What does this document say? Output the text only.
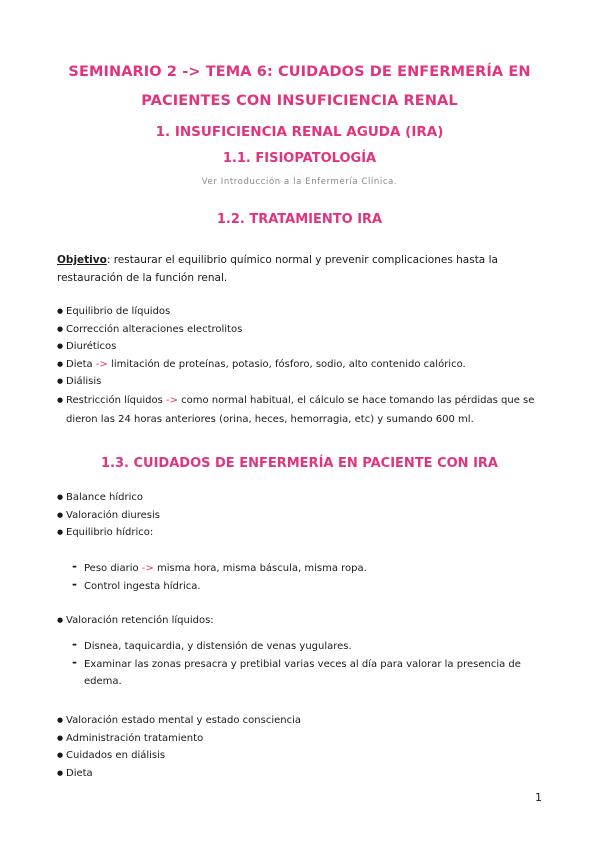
SEMINARIO 2 -> TEMA 6: CUIDADOS DE ENFERMERÍA EN
PACIENTES CON INSUFICIENCIA RENAL
1. INSUFICIENCIA RENAL AGUDA (IRA)
1.1. FISIOPATOLOGÍA
Ver Introducción a la Enfermería Clínica.
1.2. TRATAMIENTO IRA
Objetivo: restaurar el equilibrio químico normal y prevenir complicaciones hasta la restauración de la función renal.
● Equilibrio de líquidos
● Corrección alteraciones electrolitos
● Diuréticos
● Dieta -> limitación de proteínas, potasio, fósforo, sodio, alto contenido calórico.
● Diálisis
● Restricción líquidos -> como normal habitual, el cálculo se hace tomando las pérdidas que se dieron las 24 horas anteriores (orina, heces, hemorragia, etc) y sumando 600 ml.
1.3. CUIDADOS DE ENFERMERÍA EN PACIENTE CON IRA
● Balance hídrico
● Valoración diuresis
● Equilibrio hídrico:
- Peso diario -> misma hora, misma báscula, misma ropa.
- Control ingesta hídrica.
● Valoración retención líquidos:
- Disnea, taquicardia, y distensión de venas yugulares.
- Examinar las zonas presacra y pretibial varias veces al día para valorar la presencia de edema.
● Valoración estado mental y estado consciencia
● Administración tratamiento
● Cuidados en diálisis
● Dieta
1
